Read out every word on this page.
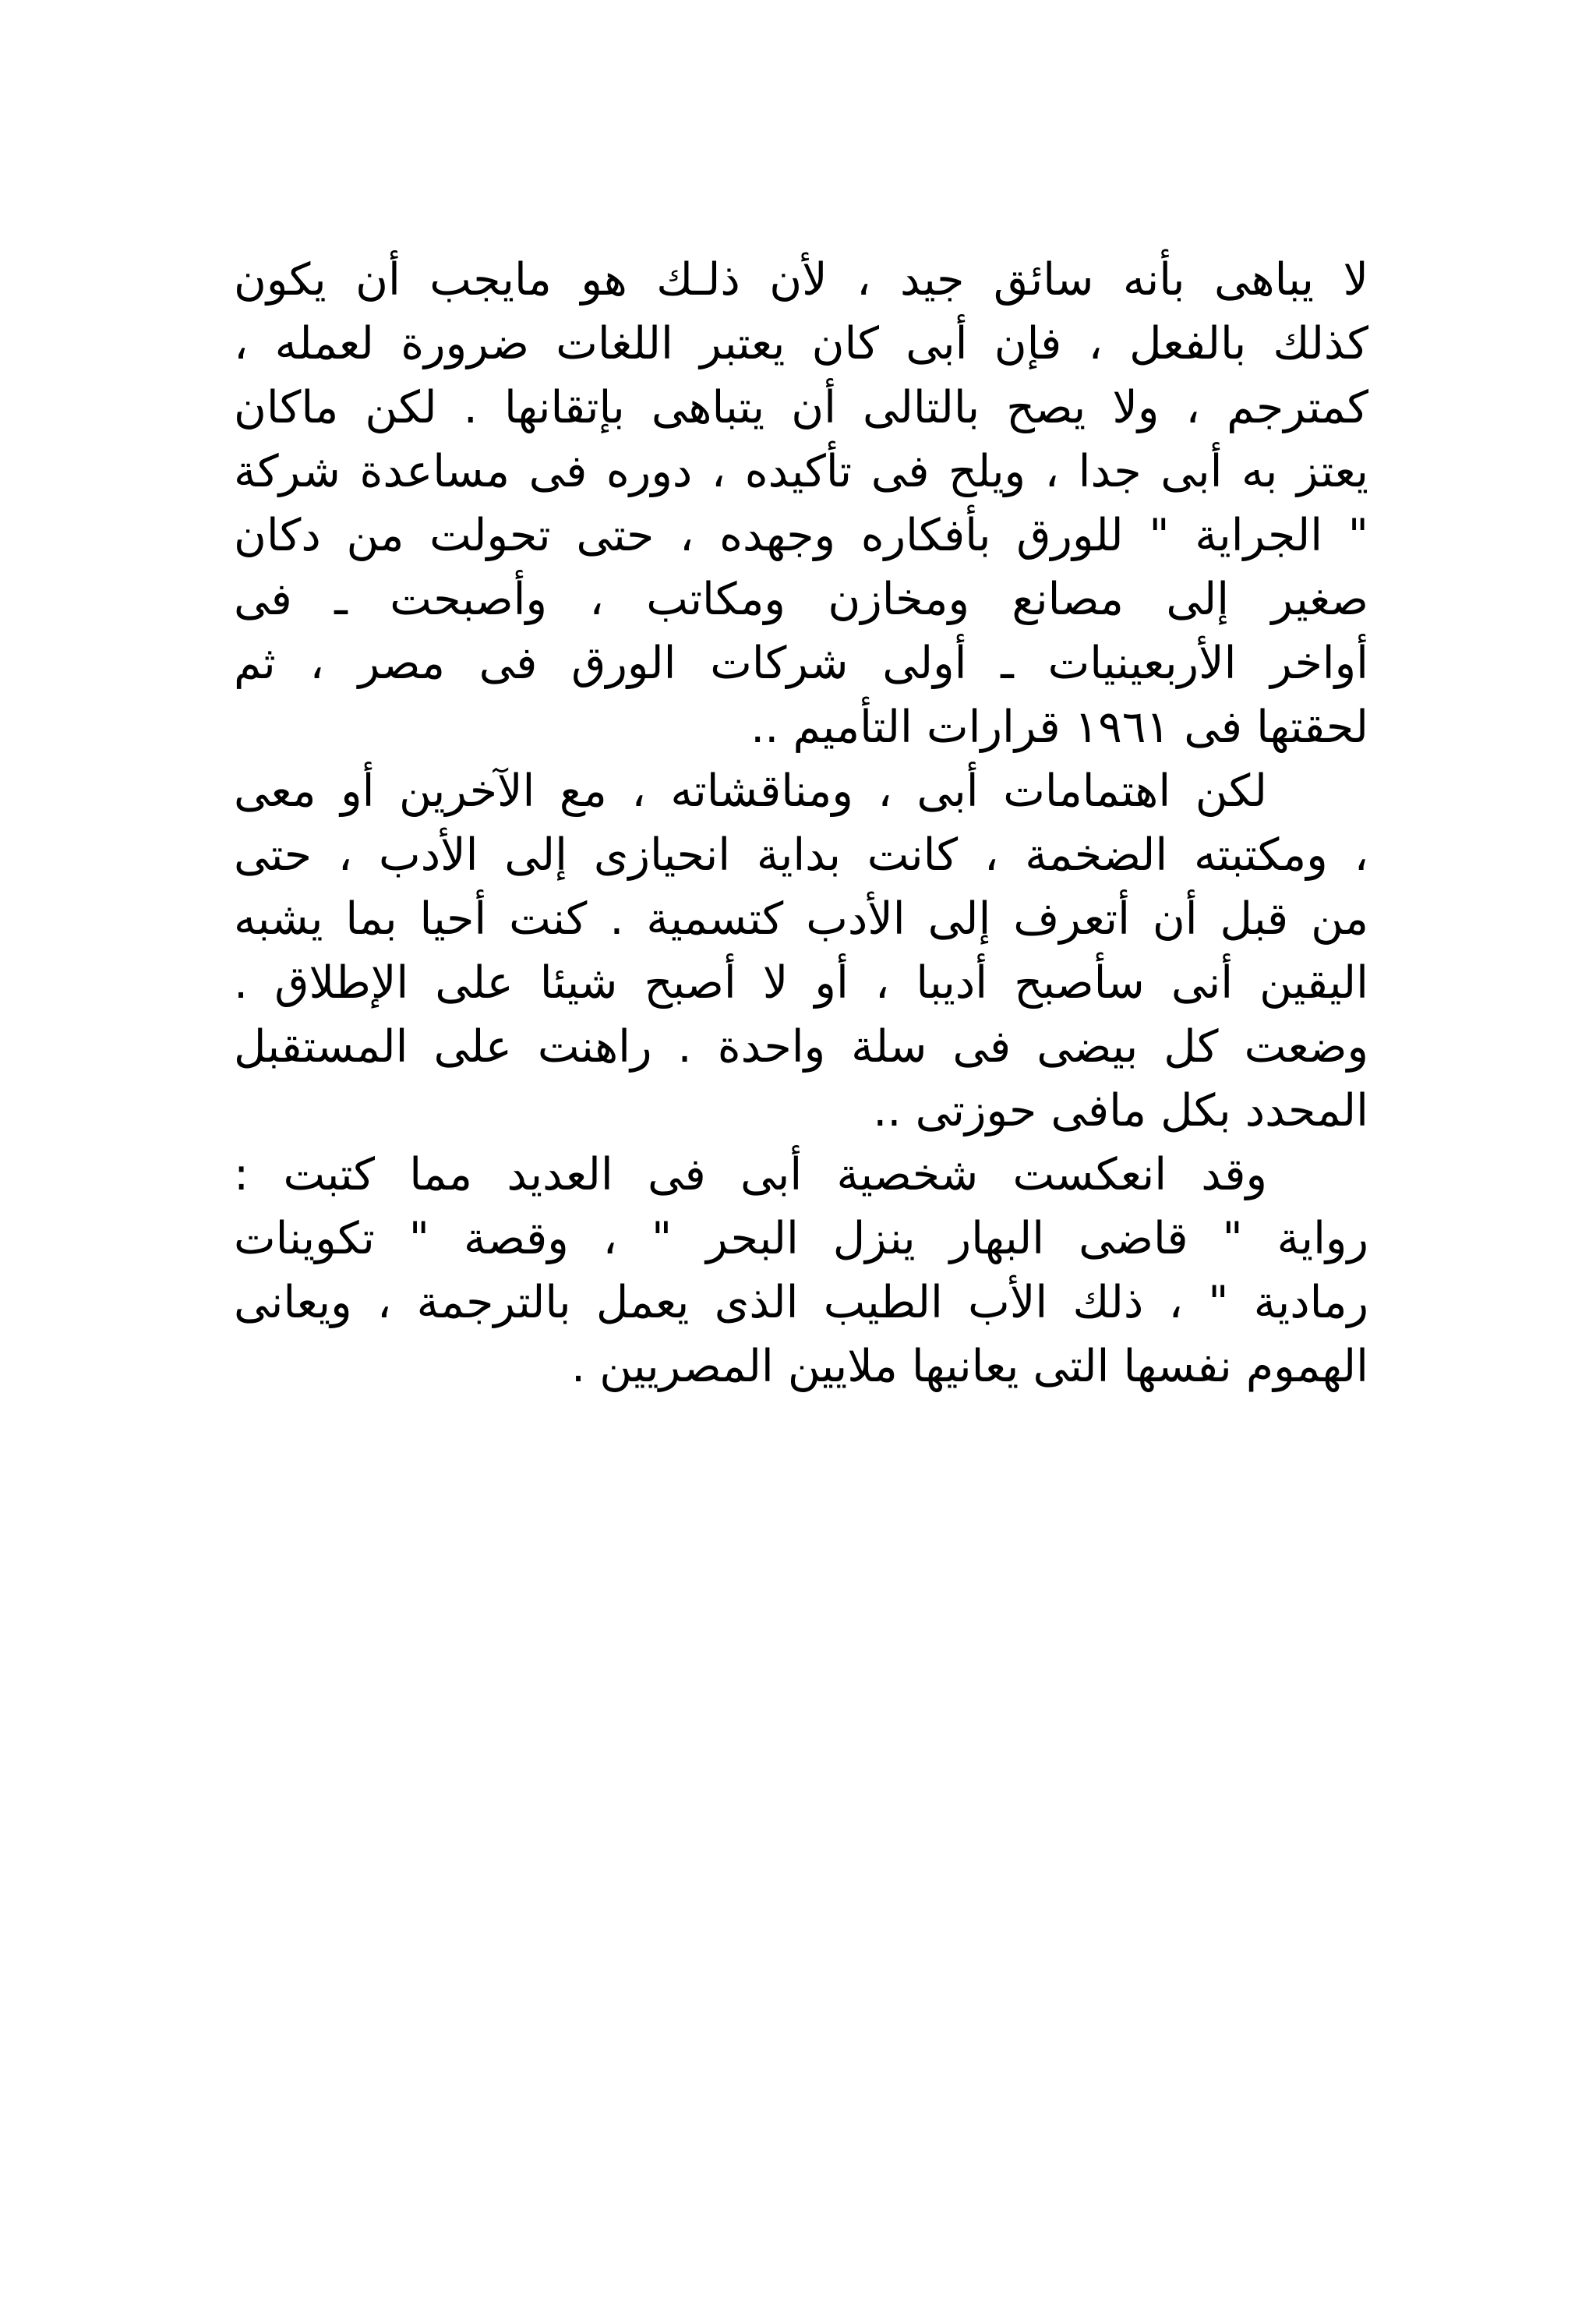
لا يباهى بأنه سائق جيد ، لأن ذلـك هو مايجب أن يكون
كذلك بالفعل ، فإن أبى كان يعتبر اللغات ضرورة لعمله ،
كمترجم ، ولا يصح بالتالى أن يتباهى بإتقانها . لكن ماكان
يعتز به أبى جدا ، ويلح فى تأكيده ، دوره فى مساعدة شركة
" الجراية " للورق بأفكاره وجهده ، حتى تحولت من دكان
صغير إلى مصانع ومخازن ومكاتب ، وأصبحت ـ فى
أواخر الأربعينيات ـ أولى شركات الورق فى مصر ، ثم
لحقتها فى ١٩٦١ قرارات التأميم ..
لكن اهتمامات أبى ، ومناقشاته ، مع الآخرين أو معى
، ومكتبته الضخمة ، كانت بداية انحيازى إلى الأدب ، حتى
من قبل أن أتعرف إلى الأدب كتسمية . كنت أحيا بما يشبه
اليقين أنى سأصبح أديبا ، أو لا أصبح شيئا على الإطلاق .
وضعت كل بيضى فى سلة واحدة . راهنت على المستقبل
المحدد بكل مافى حوزتى ..
وقد انعكست شخصية أبى فى العديد مما كتبت :
رواية " قاضى البهار ينزل البحر " ، وقصة " تكوينات
رمادية " ، ذلك الأب الطيب الذى يعمل بالترجمة ، ويعانى
الهموم نفسها التى يعانيها ملايين المصريين .
